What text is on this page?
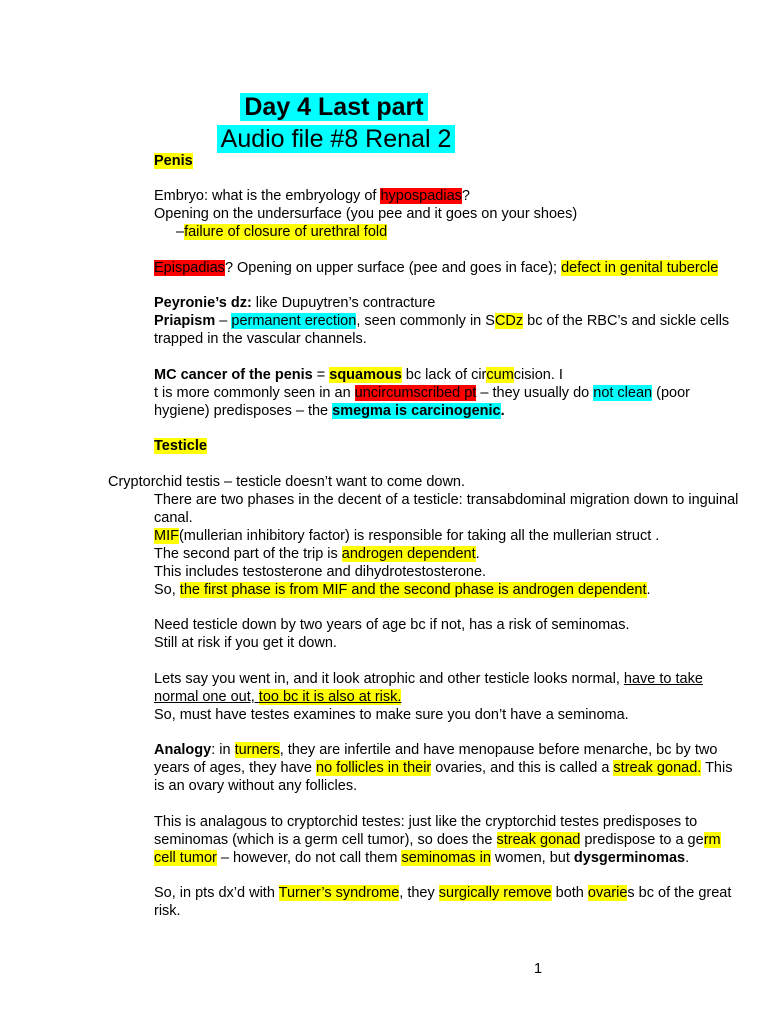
Day 4 Last part
Audio file #8 Renal 2
Penis
Embryo: what is the embryology of hypospadias?
Opening on the undersurface (you pee and it goes on your shoes)
–failure of closure of urethral fold
Epispadias? Opening on upper surface (pee and goes in face); defect in genital tubercle
Peyronie’s dz: like Dupuytren’s contracture
Priapism – permanent erection, seen commonly in SCDz bc of the RBC’s and sickle cells
trapped in the vascular channels.
MC cancer of the penis = squamous bc lack of circumcision. I
t is more commonly seen in an uncircumscribed pt – they usually do not clean (poor
hygiene) predisposes – the smegma is carcinogenic.
Testicle
Cryptorchid testis – testicle doesn’t want to come down.
There are two phases in the decent of a testicle: transabdominal migration down to inguinal
canal.
MIF(mullerian inhibitory factor) is responsible for taking all the mullerian struct .
The second part of the trip is androgen dependent.
This includes testosterone and dihydrotestosterone.
So, the first phase is from MIF and the second phase is androgen dependent.
Need testicle down by two years of age bc if not, has a risk of seminomas.
Still at risk if you get it down.
Lets say you went in, and it look atrophic and other testicle looks normal, have to take
normal one out, too bc it is also at risk.
So, must have testes examines to make sure you don’t have a seminoma.
Analogy: in turners, they are infertile and have menopause before menarche, bc by two
years of ages, they have no follicles in their ovaries, and this is called a streak gonad. This
is an ovary without any follicles.
This is analagous to cryptorchid testes: just like the cryptorchid testes predisposes to
seminomas (which is a germ cell tumor), so does the streak gonad predispose to a germ
cell tumor – however, do not call them seminomas in women, but dysgerminomas.
So, in pts dx’d with Turner’s syndrome, they surgically remove both ovaries bc of the great
risk.
1
